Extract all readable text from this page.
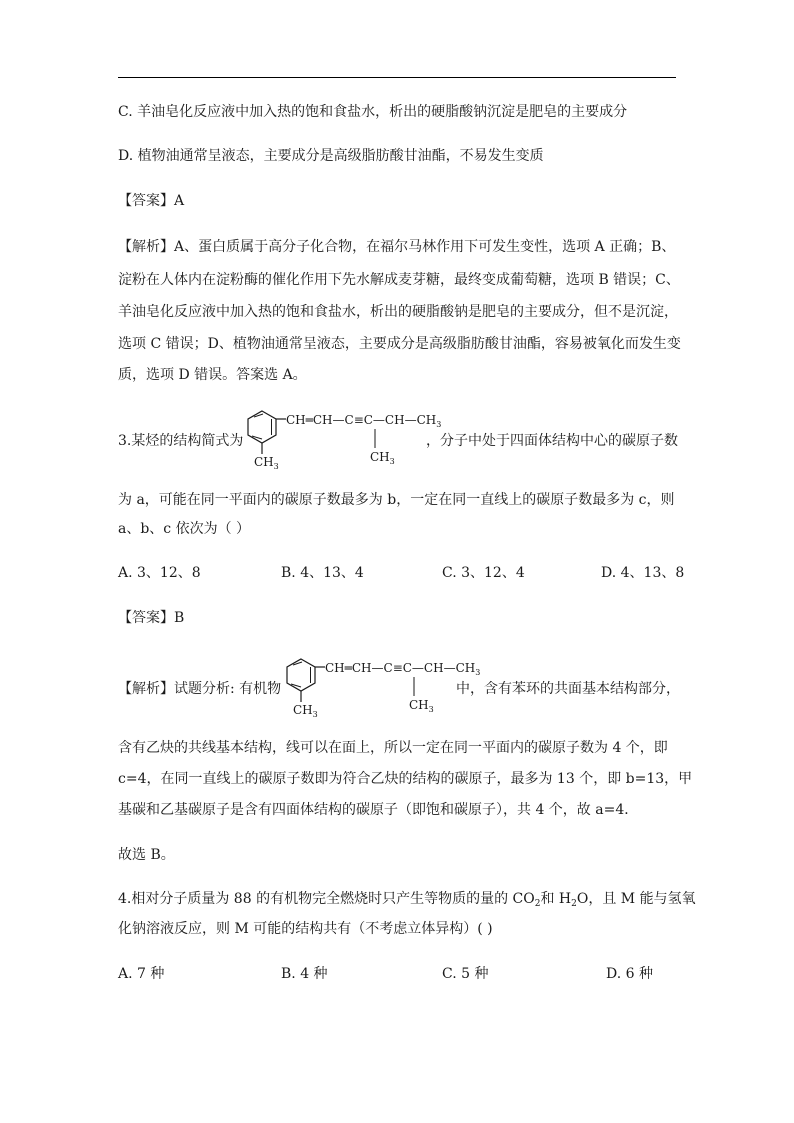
C. 羊油皂化反应液中加入热的饱和食盐水，析出的硬脂酸钠沉淀是肥皂的主要成分
D. 植物油通常呈液态，主要成分是高级脂肪酸甘油酯，不易发生变质
【答案】A
【解析】A、蛋白质属于高分子化合物，在福尔马林作用下可发生变性，选项 A 正确；B、
淀粉在人体内在淀粉酶的催化作用下先水解成麦芽糖，最终变成葡萄糖，选项 B 错误；C、
羊油皂化反应液中加入热的饱和食盐水，析出的硬脂酸钠是肥皂的主要成分，但不是沉淀，
选项 C 错误；D、植物油通常呈液态，主要成分是高级脂肪酸甘油酯，容易被氧化而发生变
质，选项 D 错误。答案选 A。
3.某烃的结构简式为
$CH═CH—C\equiv C—CH—CH_3$
$CH_3$
$CH_3$
，分子中处于四面体结构中心的碳原子数
为 a，可能在同一平面内的碳原子数最多为 b，一定在同一直线上的碳原子数最多为 c，则
a、b、c 依次为（ ）
A. 3、12、8	B. 4、13、4	C. 3、12、4	D. 4、13、8
【答案】B
【解析】试题分析: 有机物
$CH═CH—C\equiv C—CH—CH_3$
$CH_3$
$CH_3$
中，含有苯环的共面基本结构部分，
含有乙炔的共线基本结构，线可以在面上，所以一定在同一平面内的碳原子数为 4 个，即
c=4，在同一直线上的碳原子数即为符合乙炔的结构的碳原子，最多为 13 个，即 b=13，甲
基碳和乙基碳原子是含有四面体结构的碳原子（即饱和碳原子），共 4 个，故 a=4．
故选 B。
4.相对分子质量为 88 的有机物完全燃烧时只产生等物质的量的 $CO_2$和 $H_2O$，且 M 能与氢氧
化钠溶液反应，则 M 可能的结构共有（不考虑立体异构）( )
A. 7 种	B. 4 种	C. 5 种	D. 6 种
